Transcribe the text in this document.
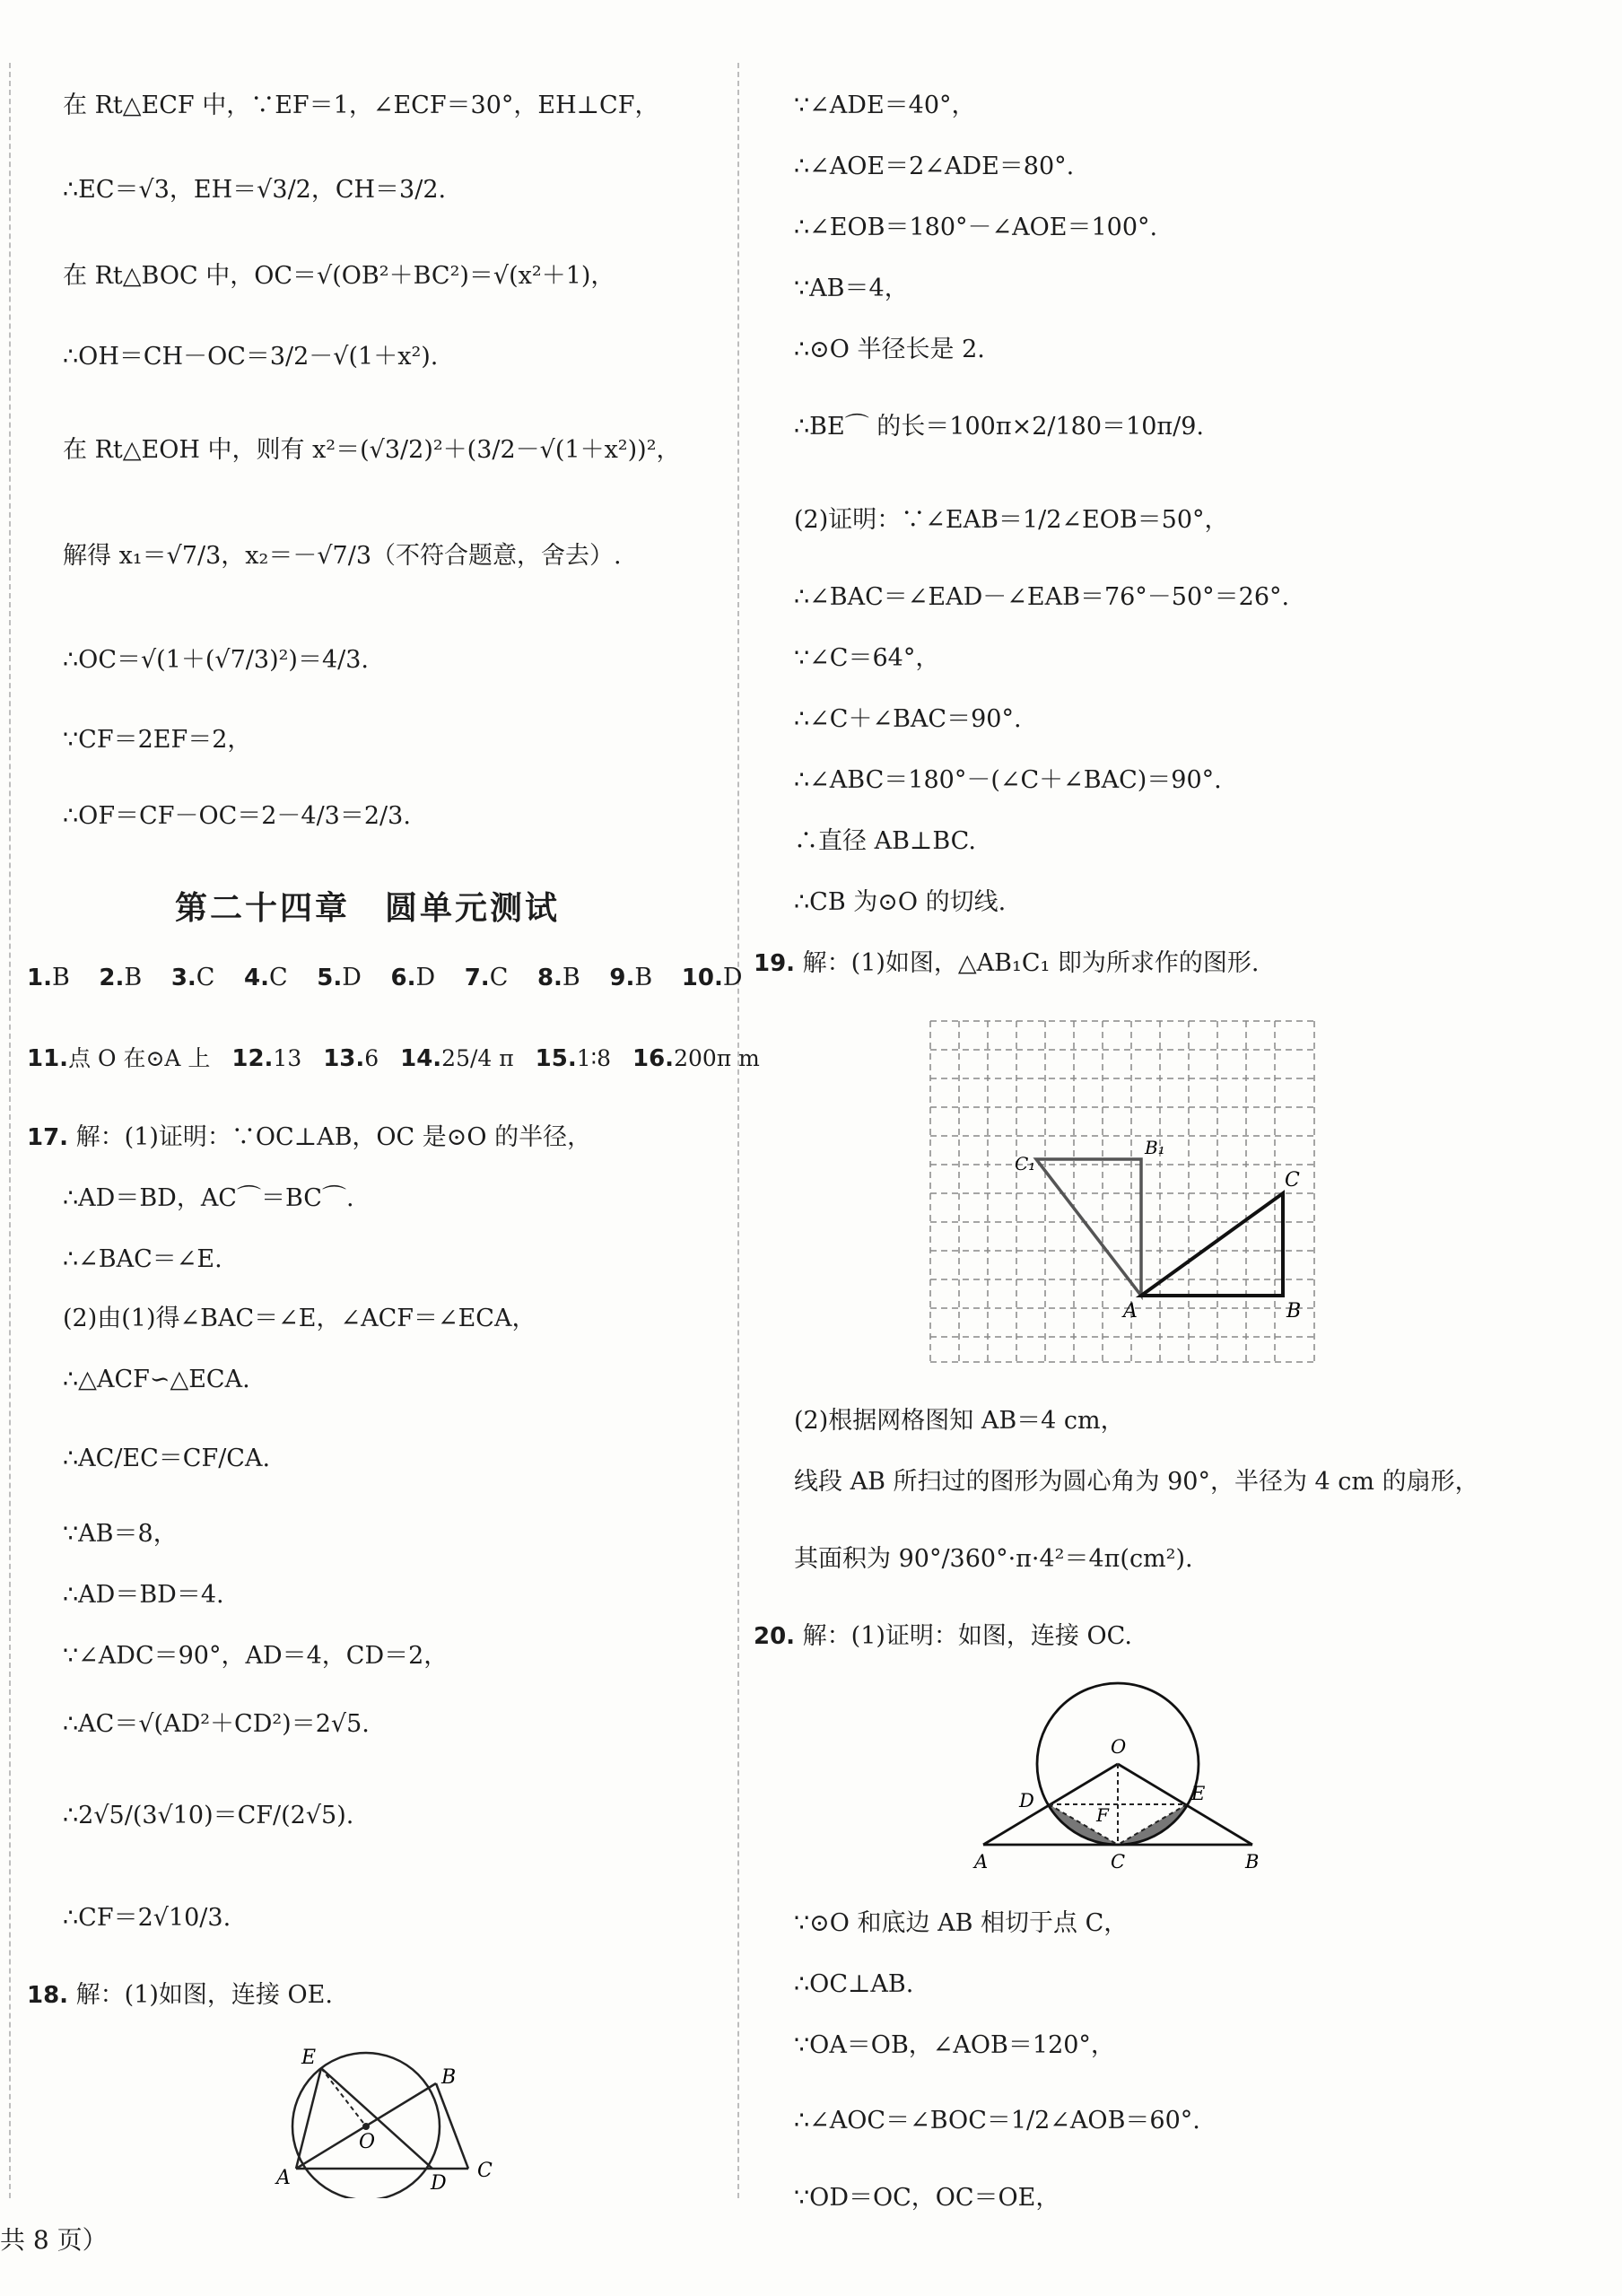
在 Rt△ECF 中，∵EF＝1，∠ECF＝30°，EH⊥CF，
∴EC＝√3，EH＝√3/2，CH＝3/2.
在 Rt△BOC 中，OC＝√(OB²＋BC²)＝√(x²＋1)，
∴OH＝CH－OC＝3/2－√(1＋x²).
在 Rt△EOH 中，则有 x²＝(√3/2)²＋(3/2－√(1＋x²))²，
解得 x₁＝√7/3，x₂＝－√7/3（不符合题意，舍去）.
∴OC＝√(1＋(√7/3)²)＝4/3.
∵CF＝2EF＝2，
∴OF＝CF－OC＝2－4/3＝2/3.
第二十四章　圆单元测试
1.B 2.B 3.C 4.C 5.D 6.D 7.C 8.B 9.B 10.D
11.点 O 在⊙A 上 12.13 13.6 14.25/4 π 15.1∶8 16.200π m
17. 解：(1)证明：∵OC⊥AB，OC 是⊙O 的半径，
∴AD＝BD，AC⌒＝BC⌒.
∴∠BAC＝∠E.
(2)由(1)得∠BAC＝∠E，∠ACF＝∠ECA，
∴△ACF∽△ECA.
∴AC/EC＝CF/CA.
∵AB＝8，
∴AD＝BD＝4.
∵∠ADC＝90°，AD＝4，CD＝2，
∴AC＝√(AD²＋CD²)＝2√5.
∴2√5/(3√10)＝CF/(2√5).
∴CF＝2√10/3.
18. 解：(1)如图，连接 OE.
E
B
O
A	D
C
∵∠ADE＝40°，
∴∠AOE＝2∠ADE＝80°.
∴∠EOB＝180°－∠AOE＝100°.
∵AB＝4，
∴⊙O 半径长是 2.
∴BE⌒ 的长＝100π×2/180＝10π/9.
(2)证明：∵∠EAB＝1/2∠EOB＝50°，
∴∠BAC＝∠EAD－∠EAB＝76°－50°＝26°.
∵∠C＝64°，
∴∠C＋∠BAC＝90°.
∴∠ABC＝180°－(∠C＋∠BAC)＝90°.
∴直径 AB⊥BC.
∴CB 为⊙O 的切线.
19. 解：(1)如图，△AB₁C₁ 即为所求作的图形.
C₁
B₁
C
A	B
(2)根据网格图知 AB＝4 cm，
线段 AB 所扫过的图形为圆心角为 90°，半径为 4 cm 的扇形，
其面积为 90°/360°·π·4²＝4π(cm²).
20. 解：(1)证明：如图，连接 OC.
O
D	E
F
A	C	B
∵⊙O 和底边 AB 相切于点 C，
∴OC⊥AB.
∵OA＝OB，∠AOB＝120°，
∴∠AOC＝∠BOC＝1/2∠AOB＝60°.
∵OD＝OC，OC＝OE，
共 8 页）
